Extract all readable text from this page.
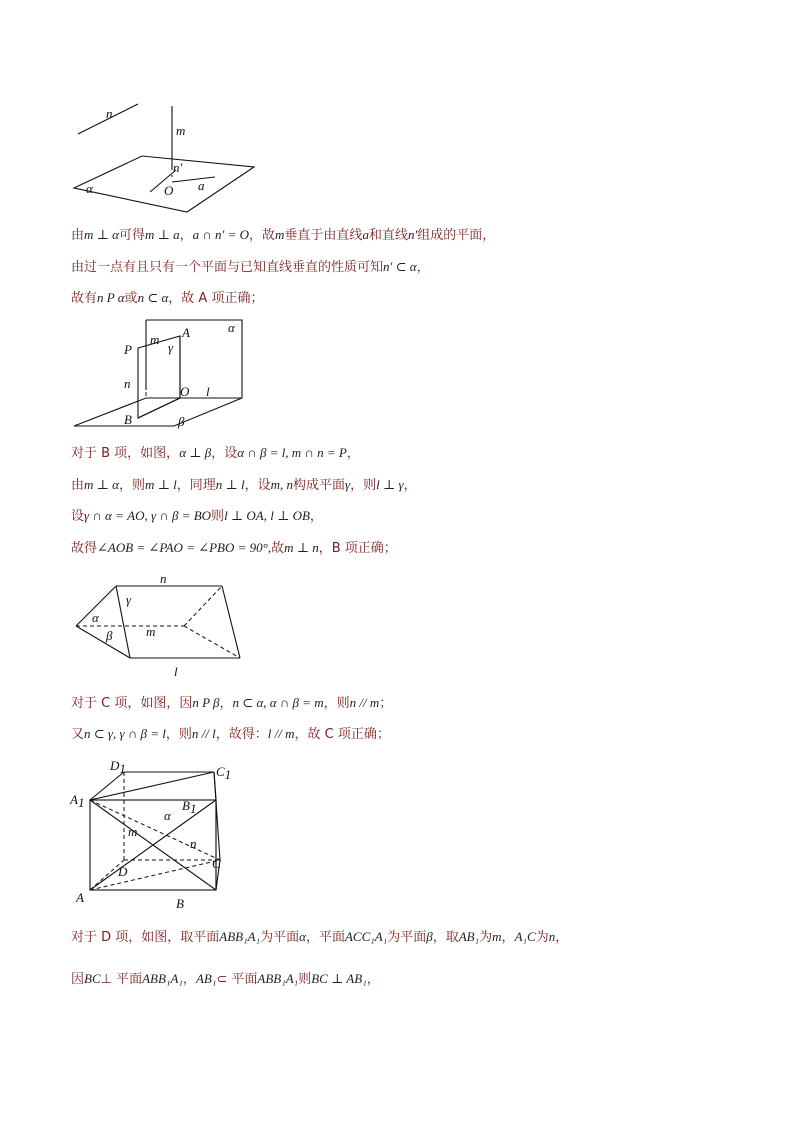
n
m
n′
O a
α
由m ⊥ α可得m ⊥ a，a ∩ n′ = O，故m垂直于由直线a和直线n′组成的平面，
由过一点有且只有一个平面与已知直线垂直的性质可知n′ ⊂ α，
故有n P α或n ⊂ α，故 A 项正确；
P
m A
γ
α
n
O l
B	β
对于 B 项，如图，α ⊥ β，设α ∩ β = l, m ∩ n = P，
由m ⊥ α，则m ⊥ l，同理n ⊥ l，设m, n构成平面γ，则l ⊥ γ，
设γ ∩ α = AO, γ ∩ β = BO则l ⊥ OA, l ⊥ OB，
故得∠AOB = ∠PAO = ∠PBO = 90°,故m ⊥ n，B 项正确；
n
γ
α
m
β
l
对于 C 项，如图，因n P β，n ⊂ α, α ∩ β = m，则n // m；
又n ⊂ γ, γ ∩ β = l，则n // l，故得：l // m，故 C 项正确；
D1	C1
A1	B1
α
m
n
D
C
A	B
对于 D 项，如图，取平面ABB₁A₁为平面α，平面ACC₁A₁为平面β，取AB₁为m，A₁C为n，
因BC⊥ 平面ABB₁A₁，AB₁⊂ 平面ABB₁A₁则BC ⊥ AB₁，
